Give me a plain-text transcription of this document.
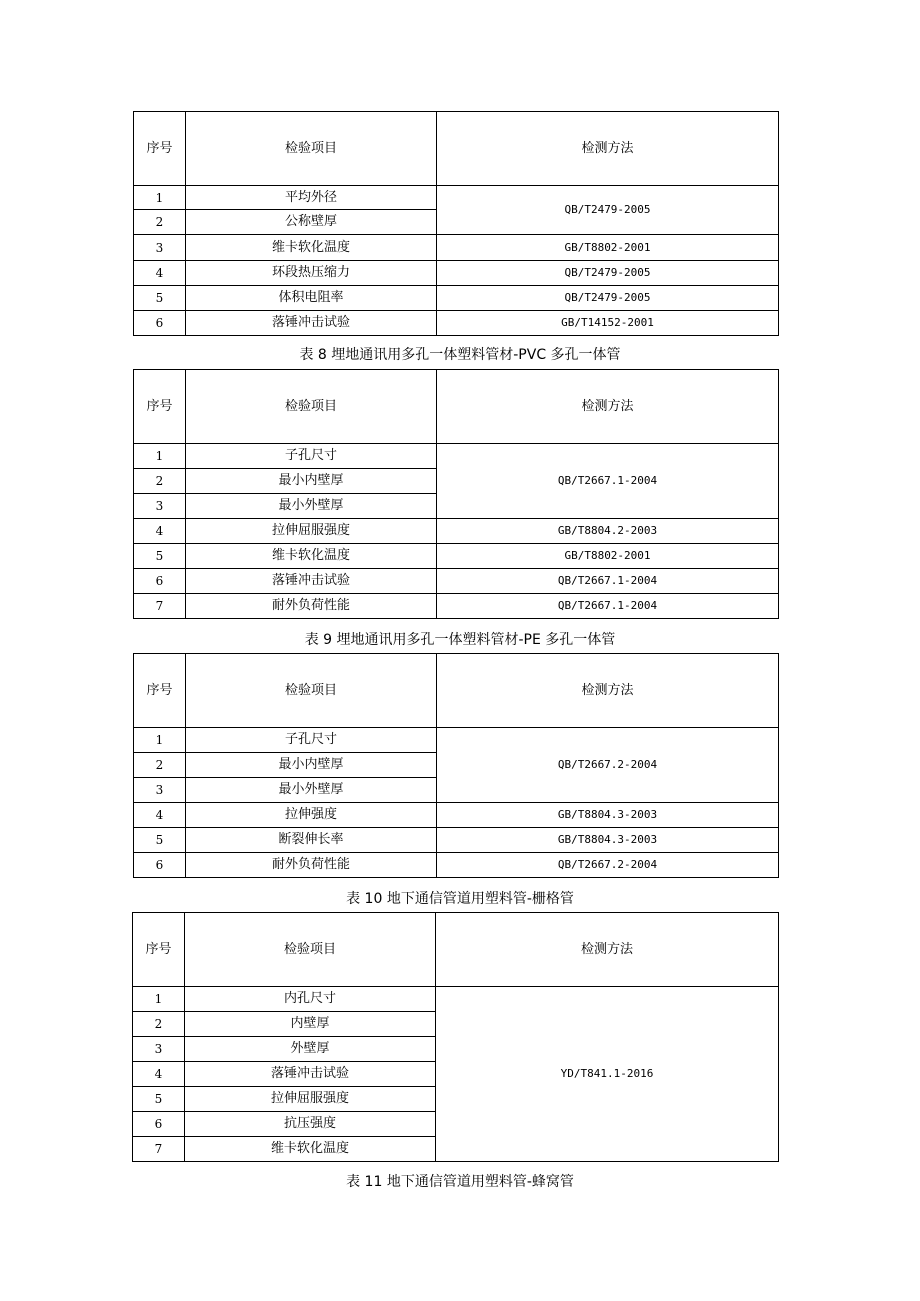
序号	检验项目	检测方法
1	平均外径	QB/T2479-2005
2	公称壁厚	
3	维卡软化温度	GB/T8802-2001
4	环段热压缩力	QB/T2479-2005
5	体积电阻率	QB/T2479-2005
6	落锤冲击试验	GB/T14152-2001
表 8 埋地通讯用多孔一体塑料管材-PVC 多孔一体管
序号	检验项目	检测方法
1	子孔尺寸	QB/T2667.1-2004
2	最小内壁厚	
3	最小外壁厚	
4	拉伸屈服强度	GB/T8804.2-2003
5	维卡软化温度	GB/T8802-2001
6	落锤冲击试验	QB/T2667.1-2004
7	耐外负荷性能	QB/T2667.1-2004
表 9 埋地通讯用多孔一体塑料管材-PE 多孔一体管
序号	检验项目	检测方法
1	子孔尺寸	QB/T2667.2-2004
2	最小内壁厚	
3	最小外壁厚	
4	拉伸强度	GB/T8804.3-2003
5	断裂伸长率	GB/T8804.3-2003
6	耐外负荷性能	QB/T2667.2-2004
表 10 地下通信管道用塑料管-栅格管
序号	检验项目	检测方法
1	内孔尺寸	YD/T841.1-2016
2	内壁厚	
3	外壁厚	
4	落锤冲击试验	
5	拉伸屈服强度	
6	抗压强度	
7	维卡软化温度	
表 11 地下通信管道用塑料管-蜂窝管
